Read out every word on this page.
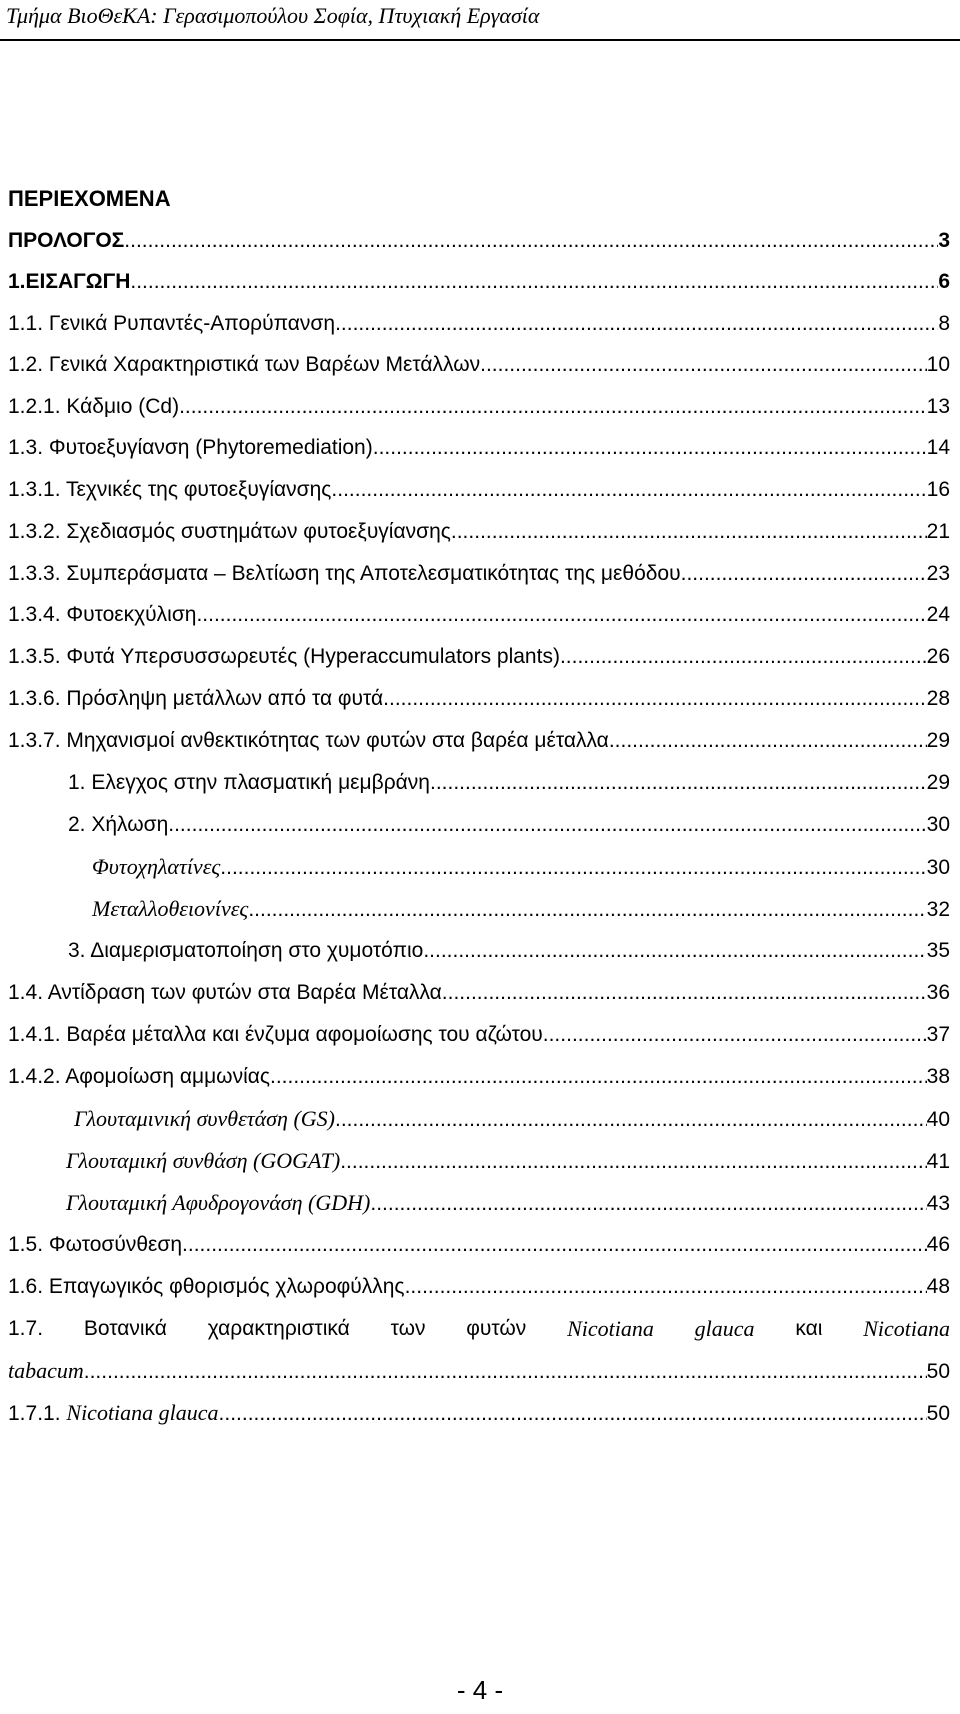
Τμήμα ΒιοΘεΚΑ: Γερασιμοπούλου Σοφία, Πτυχιακή Εργασία
ΠΕΡΙΕΧΟΜΕΝΑ
ΠΡΟΛΟΓΟΣ .....	3
1.ΕΙΣΑΓΩΓΗ .....	6
1.1. Γενικά Ρυπαντές-Απορύπανση .....	8
1.2. Γενικά Χαρακτηριστικά των Βαρέων Μετάλλων .....	10
1.2.1. Κάδμιο (Cd) .....	13
1.3. Φυτοεξυγίανση (Phytoremediation) .....	14
1.3.1. Τεχνικές της φυτοεξυγίανσης .....	16
1.3.2. Σχεδιασμός συστημάτων φυτοεξυγίανσης .....	21
1.3.3. Συμπεράσματα – Βελτίωση της Αποτελεσματικότητας της μεθόδου .....	23
1.3.4. Φυτοεκχύλιση .....	24
1.3.5. Φυτά Υπερσυσσωρευτές (Hyperaccumulators plants) .....	26
1.3.6. Πρόσληψη μετάλλων από τα φυτά .....	28
1.3.7. Μηχανισμοί ανθεκτικότητας των φυτών στα βαρέα μέταλλα .....	29
1. Ελεγχος στην πλασματική μεμβράνη .....	29
2. Χήλωση .....	30
Φυτοχηλατίνες .....	30
Μεταλλοθειονίνες .....	32
3. Διαμερισματοποίηση στο χυμοτόπιο .....	35
1.4. Αντίδραση των φυτών στα Βαρέα Μέταλλα .....	36
1.4.1. Βαρέα μέταλλα και ένζυμα αφομοίωσης του αζώτου .....	37
1.4.2. Αφομοίωση αμμωνίας .....	38
Γλουταμινική συνθετάση (GS) .....	40
Γλουταμική συνθάση (GOGAT) .....	41
Γλουταμική Αφυδρογονάση (GDH) .....	43
1.5. Φωτοσύνθεση .....	46
1.6. Επαγωγικός φθορισμός χλωροφύλλης .....	48
1.7. Βοτανικά χαρακτηριστικά των φυτών Nicotiana glauca και Nicotiana
tabacum .....	50
1.7.1. Nicotiana glauca .....	50
- 4 -
